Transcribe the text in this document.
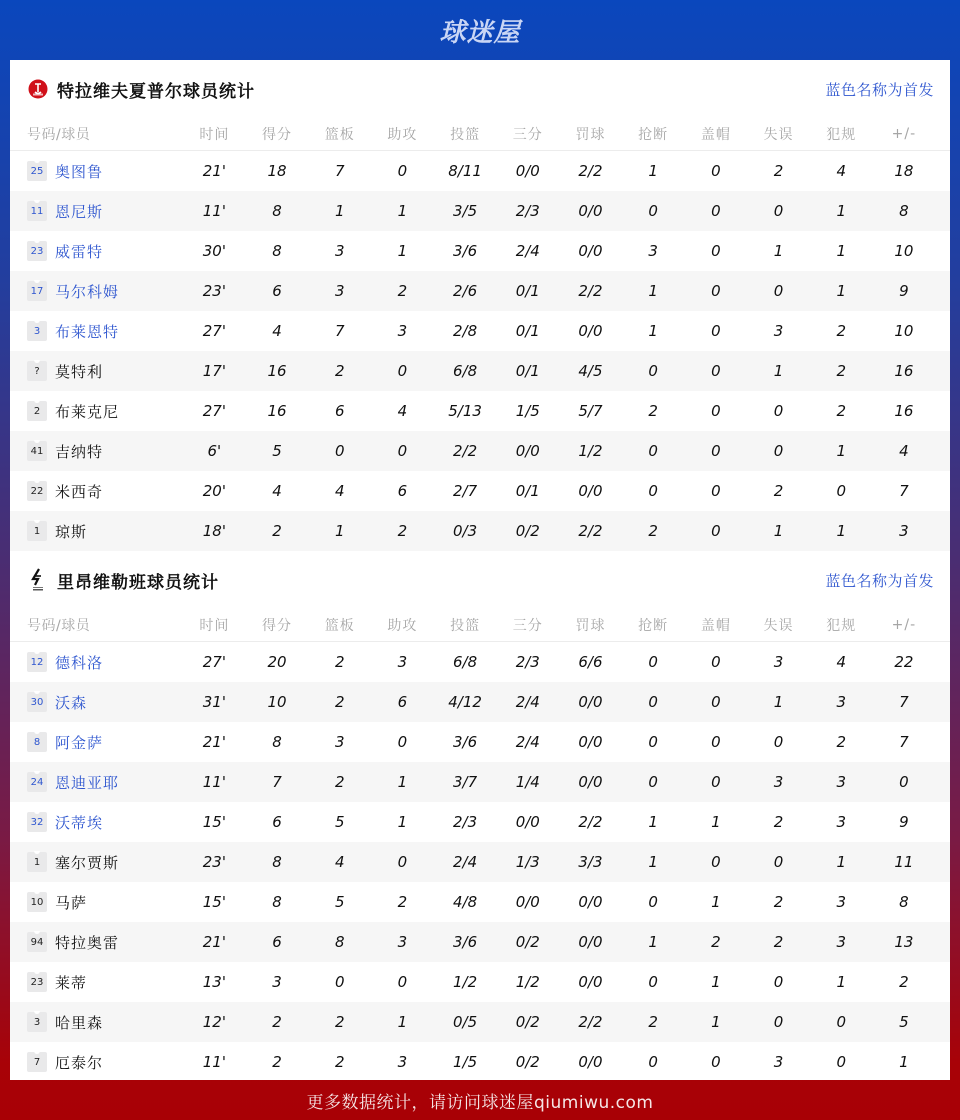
球迷屋
特拉维夫夏普尔球员统计	蓝色名称为首发
号码/球员	时间	得分	篮板	助攻	投篮	三分	罚球	抢断	盖帽	失误	犯规	+/-
25 奥图鲁	21'	18	7	0	8/11	0/0	2/2	1	0	2	4	18
11 恩尼斯	11'	8	1	1	3/5	2/3	0/0	0	0	0	1	8
23 威雷特	30'	8	3	1	3/6	2/4	0/0	3	0	1	1	10
17 马尔科姆	23'	6	3	2	2/6	0/1	2/2	1	0	0	1	9
3 布莱恩特	27'	4	7	3	2/8	0/1	0/0	1	0	3	2	10
?	莫特利	17'	16	2	0	6/8	0/1	4/5	0	0	1	2	16
2 布莱克尼	27'	16	6	4	5/13	1/5	5/7	2	0	0	2	16
41 吉纳特	6'	5	0	0	2/2	0/0	1/2	0	0	0	1	4
22 米西奇	20'	4	4	6	2/7	0/1	0/0	0	0	2	0	7
1 琼斯	18'	2	1	2	0/3	0/2	2/2	2	0	1	1	3
里昂维勒班球员统计	蓝色名称为首发
号码/球员	时间	得分	篮板	助攻	投篮	三分	罚球	抢断	盖帽	失误	犯规	+/-
12 德科洛	27'	20	2	3	6/8	2/3	6/6	0	0	3	4	22
30 沃森	31'	10	2	6	4/12	2/4	0/0	0	0	1	3	7
8 阿金萨	21'	8	3	0	3/6	2/4	0/0	0	0	0	2	7
24 恩迪亚耶	11'	7	2	1	3/7	1/4	0/0	0	0	3	3	0
32 沃蒂埃	15'	6	5	1	2/3	0/0	2/2	1	1	2	3	9
1 塞尔贾斯	23'	8	4	0	2/4	1/3	3/3	1	0	0	1	11
10 马萨	15'	8	5	2	4/8	0/0	0/0	0	1	2	3	8
94 特拉奥雷	21'	6	8	3	3/6	0/2	0/0	1	2	2	3	13
23 莱蒂	13'	3	0	0	1/2	1/2	0/0	0	1	0	1	2
3 哈里森	12'	2	2	1	0/5	0/2	2/2	2	1	0	0	5
7 厄泰尔	11'	2	2	3	1/5	0/2	0/0	0	0	3	0	1
更多数据统计，请访问球迷屋qiumiwu.com
